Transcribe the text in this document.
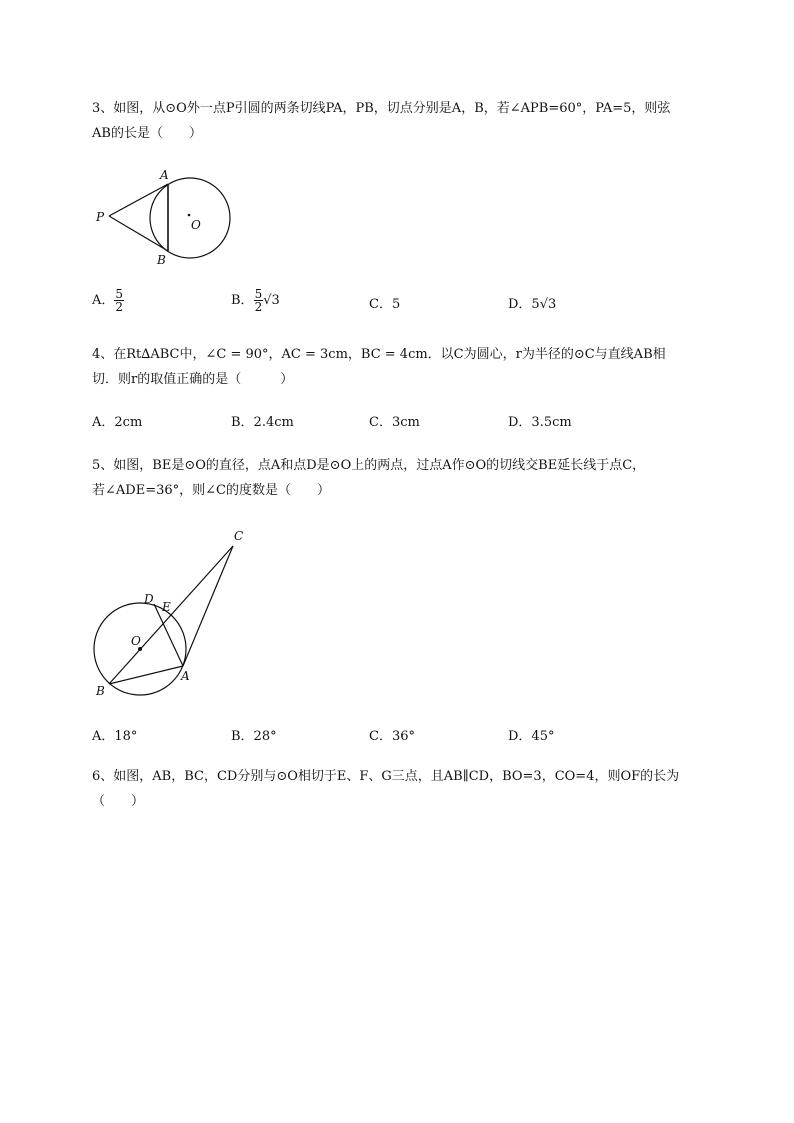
3、如图，从⊙O外一点P引圆的两条切线PA，PB，切点分别是A，B，若∠APB=60°，PA=5，则弦
AB的长是（　　）
A
P
O
B
A． $\frac{5}{2}$	B． $\frac{5}{2} √3$	C．5	D．5√3
4、在Rt∆ABC中，∠C = 90°，AC = 3cm，BC = 4cm．以C为圆心，r为半径的⊙C与直线AB相
切．则r的取值正确的是（　　　）
A．2cm	B．2.4cm	C．3cm	D．3.5cm
5、如图，BE是⊙O的直径，点A和点D是⊙O上的两点，过点A作⊙O的切线交BE延长线于点C，
若∠ADE=36°，则∠C的度数是（　　）
C
D
E
O
B
A
A．18°	B．28°	C．36°	D．45°
6、如图，AB，BC，CD分别与⊙O相切于E、F、G三点，且AB∥CD，BO=3，CO=4，则OF的长为
（　　）
